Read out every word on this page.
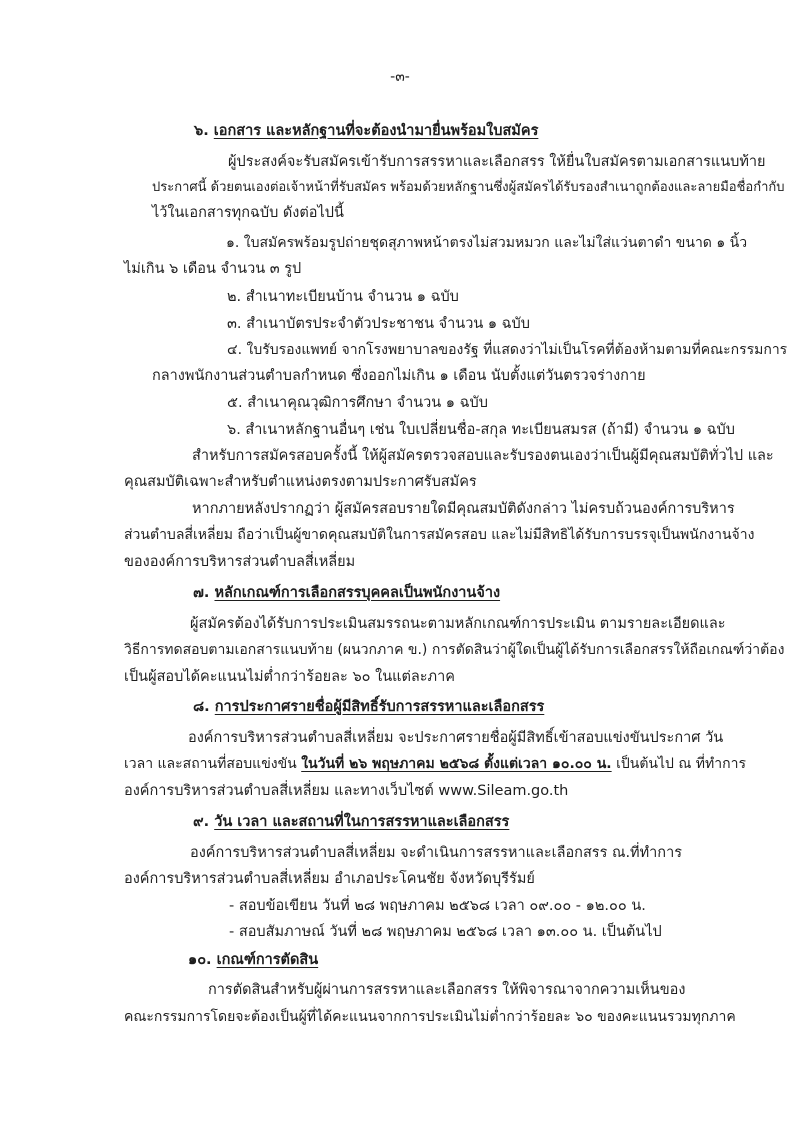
-๓-
๖. เอกสาร และหลักฐานที่จะต้องนำมายื่นพร้อมใบสมัคร
ผู้ประสงค์จะรับสมัครเข้ารับการสรรหาและเลือกสรร ให้ยื่นใบสมัครตามเอกสารแนบท้าย
ประกาศนี้ ด้วยตนเองต่อเจ้าหน้าที่รับสมัคร พร้อมด้วยหลักฐานซึ่งผู้สมัครได้รับรองสำเนาถูกต้องและลายมือชื่อกำกับ
ไว้ในเอกสารทุกฉบับ ดังต่อไปนี้
๑. ใบสมัครพร้อมรูปถ่ายชุดสุภาพหน้าตรงไม่สวมหมวก และไม่ใส่แว่นตาดำ ขนาด ๑ นิ้ว
ไม่เกิน ๖ เดือน จำนวน ๓ รูป
๒. สำเนาทะเบียนบ้าน จำนวน ๑ ฉบับ
๓. สำเนาบัตรประจำตัวประชาชน จำนวน ๑ ฉบับ
๔. ใบรับรองแพทย์ จากโรงพยาบาลของรัฐ ที่แสดงว่าไม่เป็นโรคที่ต้องห้ามตามที่คณะกรรมการ
กลางพนักงานส่วนตำบลกำหนด ซึ่งออกไม่เกิน ๑ เดือน นับตั้งแต่วันตรวจร่างกาย
๕. สำเนาคุณวุฒิการศึกษา จำนวน ๑ ฉบับ
๖. สำเนาหลักฐานอื่นๆ เช่น ใบเปลี่ยนชื่อ-สกุล ทะเบียนสมรส (ถ้ามี) จำนวน ๑ ฉบับ
สำหรับการสมัครสอบครั้งนี้ ให้ผู้สมัครตรวจสอบและรับรองตนเองว่าเป็นผู้มีคุณสมบัติทั่วไป และ
คุณสมบัติเฉพาะสำหรับตำแหน่งตรงตามประกาศรับสมัคร
หากภายหลังปรากฏว่า ผู้สมัครสอบรายใดมีคุณสมบัติดังกล่าว ไม่ครบถ้วนองค์การบริหาร
ส่วนตำบลสี่เหลี่ยม ถือว่าเป็นผู้ขาดคุณสมบัติในการสมัครสอบ และไม่มีสิทธิได้รับการบรรจุเป็นพนักงานจ้าง
ขององค์การบริหารส่วนตำบลสี่เหลี่ยม
๗. หลักเกณฑ์การเลือกสรรบุคคลเป็นพนักงานจ้าง
ผู้สมัครต้องได้รับการประเมินสมรรถนะตามหลักเกณฑ์การประเมิน ตามรายละเอียดและ
วิธีการทดสอบตามเอกสารแนบท้าย (ผนวกภาค ข.) การตัดสินว่าผู้ใดเป็นผู้ได้รับการเลือกสรรให้ถือเกณฑ์ว่าต้อง
เป็นผู้สอบได้คะแนนไม่ต่ำกว่าร้อยละ ๖๐ ในแต่ละภาค
๘. การประกาศรายชื่อผู้มีสิทธิ์รับการสรรหาและเลือกสรร
องค์การบริหารส่วนตำบลสี่เหลี่ยม จะประกาศรายชื่อผู้มีสิทธิ์เข้าสอบแข่งขันประกาศ วัน
เวลา และสถานที่สอบแข่งขัน ในวันที่ ๒๖ พฤษภาคม ๒๕๖๘ ตั้งแต่เวลา ๑๐.๐๐ น. เป็นต้นไป ณ ที่ทำการ
องค์การบริหารส่วนตำบลสี่เหลี่ยม และทางเว็บไซต์ www.Sileam.go.th
๙. วัน เวลา และสถานที่ในการสรรหาและเลือกสรร
องค์การบริหารส่วนตำบลสี่เหลี่ยม จะดำเนินการสรรหาและเลือกสรร ณ.ที่ทำการ
องค์การบริหารส่วนตำบลสี่เหลี่ยม อำเภอประโคนชัย จังหวัดบุรีรัมย์
- สอบข้อเขียน วันที่ ๒๘ พฤษภาคม ๒๕๖๘ เวลา ๐๙.๐๐ - ๑๒.๐๐ น.
- สอบสัมภาษณ์ วันที่ ๒๘ พฤษภาคม ๒๕๖๘ เวลา ๑๓.๐๐ น. เป็นต้นไป
๑๐. เกณฑ์การตัดสิน
การตัดสินสำหรับผู้ผ่านการสรรหาและเลือกสรร ให้พิจารณาจากความเห็นของ
คณะกรรมการโดยจะต้องเป็นผู้ที่ได้คะแนนจากการประเมินไม่ต่ำกว่าร้อยละ ๖๐ ของคะแนนรวมทุกภาค
